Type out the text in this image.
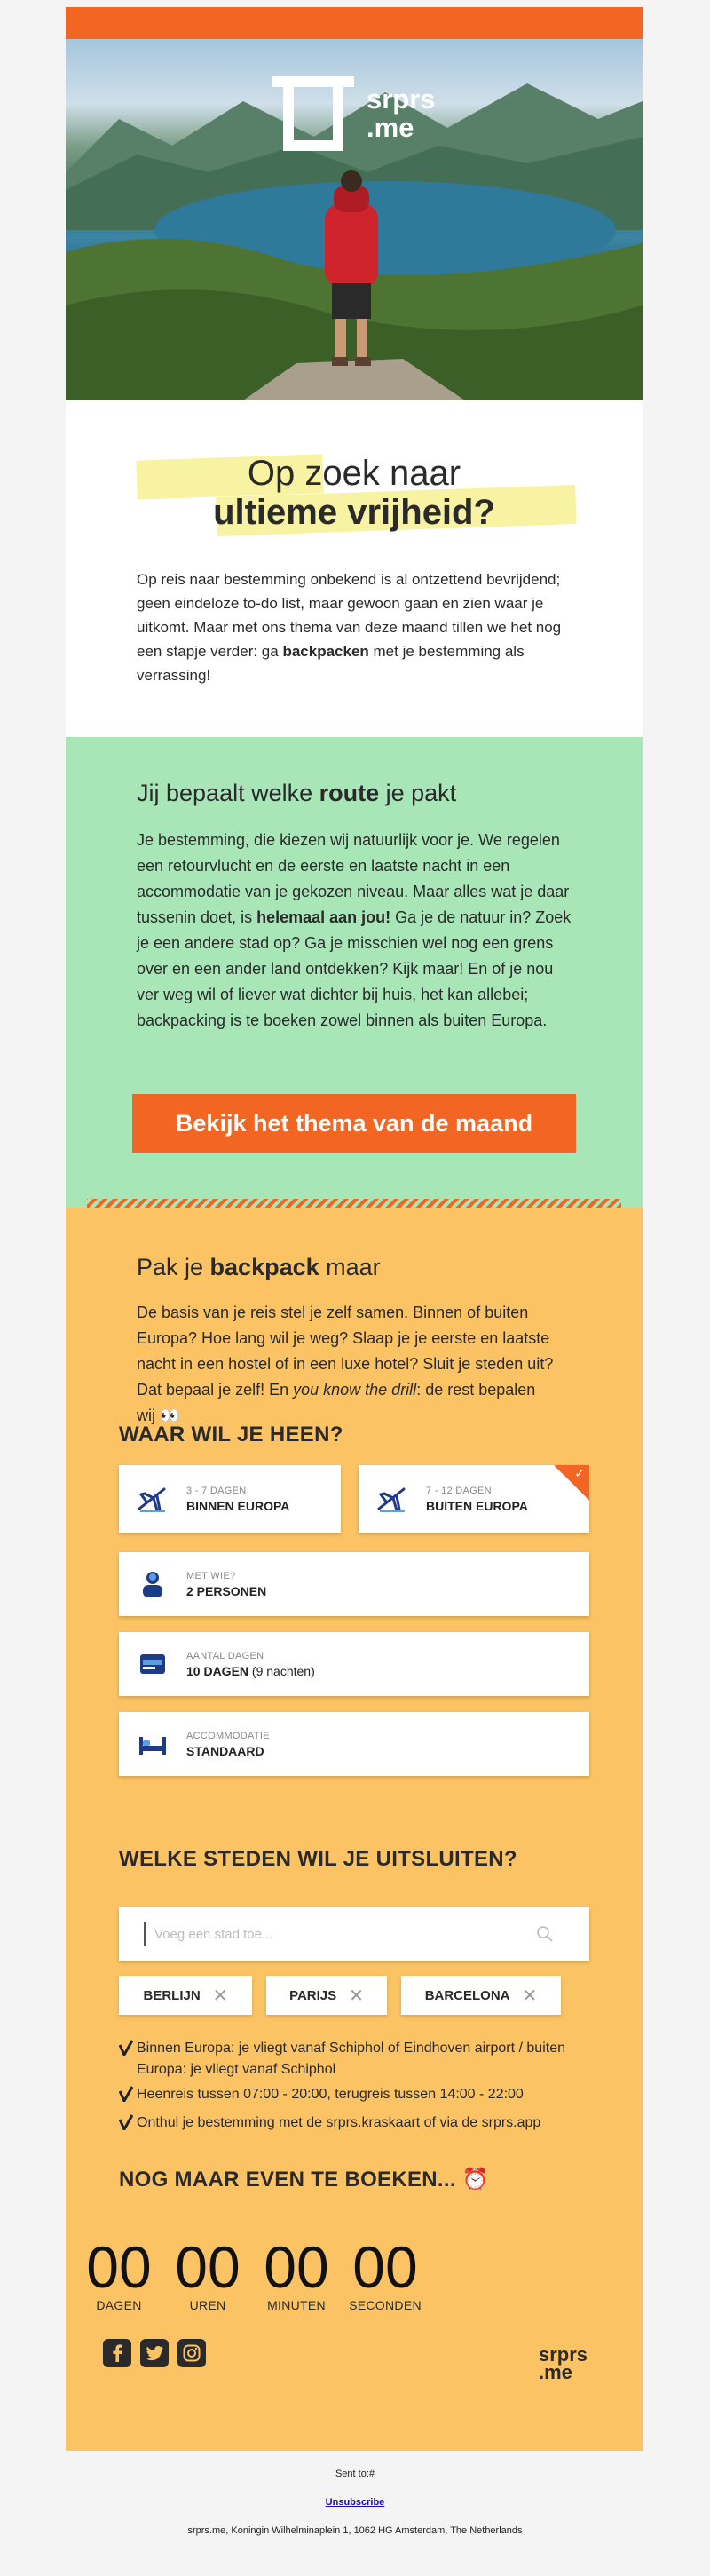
srprs
.me
Op zoek naar
ultieme vrijheid?

Op reis naar bestemming onbekend is al ontzettend bevrijdend; geen eindeloze to-do list, maar gewoon gaan en zien waar je uitkomt. Maar met ons thema van deze maand tillen we het nog een stapje verder: ga backpacken met je bestemming als verrassing!

Jij bepaalt welke route je pakt

Je bestemming, die kiezen wij natuurlijk voor je. We regelen een retourvlucht en de eerste en laatste nacht in een accommodatie van je gekozen niveau. Maar alles wat je daar tussenin doet, is helemaal aan jou! Ga je de natuur in? Zoek je een andere stad op? Ga je misschien wel nog een grens over en een ander land ontdekken? Kijk maar! En of je nou ver weg wil of liever wat dichter bij huis, het kan allebei; backpacking is te boeken zowel binnen als buiten Europa.

Bekijk het thema van de maand
Pak je backpack maar

De basis van je reis stel je zelf samen. Binnen of buiten Europa? Hoe lang wil je weg? Slaap je je eerste en laatste nacht in een hostel of in een luxe hotel? Sluit je steden uit? Dat bepaal je zelf! En you know the drill: de rest bepalen wij 👀

WAAR WIL JE HEEN?
3 - 7 DAGEN
BINNEN EUROPA
7 - 12 DAGEN
BUITEN EUROPA
✓
MET WIE?
2 PERSONEN
AANTAL DAGEN
10 DAGEN (9 nachten)
ACCOMMODATIE
STANDAARD
WELKE STEDEN WIL JE UITSLUITEN?
Voeg een stad toe...
BERLIJN ✕	PARIJS ✕	BARCELONA ✕
Binnen Europa: je vliegt vanaf Schiphol of Eindhoven airport / buiten Europa: je vliegt vanaf Schiphol
Heenreis tussen 07:00 - 20:00, terugreis tussen 14:00 - 22:00
Onthul je bestemming met de srprs.kraskaart of via de srprs.app
NOG MAAR EVEN TE BOEKEN... ⏰
00
DAGEN
00
UREN
00
MINUTEN
00
SECONDEN
srprs
.me
Sent to:#
Unsubscribe
srprs.me, Koningin Wilhelminaplein 1, 1062 HG Amsterdam, The Netherlands
